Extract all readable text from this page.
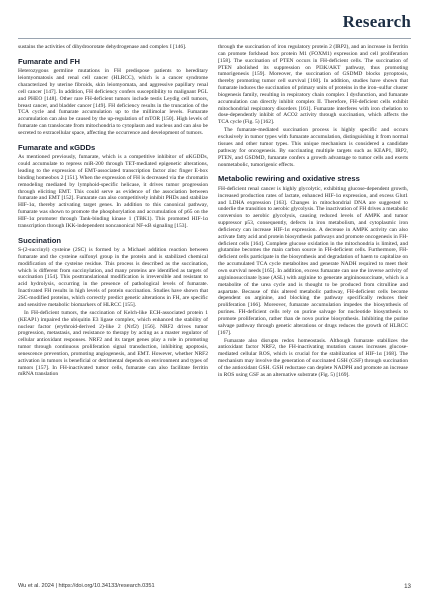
Research

sustains the activities of dihydroorotate dehydrogenase and complex I [146].

Fumarate and FH

Heterozygous germline mutations in FH predispose patients to hereditary leiomyomatosis and renal cell cancer (HLRCC), which is a cancer syndrome characterized by uterine fibroids, skin leiomyomata, and aggressive papillary renal cell cancer [147]. In addition, FH deficiency confers susceptibility to malignant PGL and PHEO [148]. Other rare FH-deficient tumors include testis Leydig cell tumors, breast cancer, and bladder cancer [149]. FH deficiency results in the truncation of the TCA cycle and fumarate accumulation up to the millimolar levels. Fumarate accumulation can also be caused by the up-regulation of mTOR [150]. High levels of fumarate can translocate from mitochondria to cytoplasm and nucleus and can also be secreted to extracellular space, affecting the occurrence and development of tumors.

Fumarate and κGDDs

As mentioned previously, fumarate, which is a competitive inhibitor of αKGDDs, could accumulate to repress miR-200 through TET-mediated epigenetic alterations, leading to the expression of EMT-associated transcription factor zinc finger E-box binding homeobox 2 [151]. When the expression of FH is decreased via the chromatin remodeling mediated by lymphoid-specific helicase, it drives tumor progression through eliciting EMT. This could serve as evidence of the association between fumarate and EMT [152]. Fumarate can also competitively inhibit PHDs and stabilize HIF-1α, thereby activating target genes. In addition to this canonical pathway, fumarate was shown to promote the phosphorylation and accumulation of p65 on the HIF-1α promoter through Tank-binding kinase 1 (TBK1). This promoted HIF-1α transcription through IKK-independent noncanonical NF-κB signaling [153].

Succination

S-(2-succinyl) cysteine (2SC) is formed by a Michael addition reaction between fumarate and the cysteine sulfonyl group in the protein and is stabilized chemical modification of the cysteine residue. This process is described as the succination, which is different from succinylation, and many proteins are identified as targets of succination [154]. This posttranslational modification is irreversible and resistant to acid hydrolysis, occurring in the presence of pathological levels of fumarate. Inactivated FH results in high levels of protein succination. Studies have shown that 2SC-modified proteins, which correctly predict genetic alterations in FH, are specific and sensitive metabolic biomarkers of HLRCC [155].

In FH-deficient tumors, the succination of Kelch-like ECH-associated protein 1 (KEAP1) impaired the ubiquitin E3 ligase complex, which enhanced the stability of nuclear factor (erythroid-derived 2)-like 2 (Nrf2) [156]. NRF2 drives tumor progression, metastasis, and resistance to therapy by acting as a master regulator of cellular antioxidant responses. NRF2 and its target genes play a role in promoting tumor through continuous proliferation signal transduction, inhibiting apoptosis, senescence prevention, promoting angiogenesis, and EMT. However, whether NRF2 activation in tumors is beneficial or detrimental depends on environment and types of tumors [157]. In FH-inactivated tumor cells, fumarate can also facilitate ferritin mRNA translation

through the succination of iron regulatory protein 2 (IRP2), and an increase in ferritin can promote forkhead box protein M1 (FOXM1) expression and cell proliferation [158]. The succination of PTEN occurs in FH-deficient cells. The succination of PTEN abolished its suppression on PI3K/AKT pathway, thus promoting tumorigenesis [159]. Moreover, the succination of GSDMD blocks pyroptosis, thereby promoting tumor cell survival [160]. In addition, studies have shown that fumarate induces the succination of primary units of proteins in the iron–sulfur cluster biogenesis family, resulting in respiratory chain complex I dysfunction, and fumarate accumulation can directly inhibit complex II. Therefore, FH-deficient cells exhibit mitochondrial respiratory disorders [161]. Fumarate interferes with iron chelation to dose-dependently inhibit of ACO2 activity through succination, which affects the TCA cycle (Fig. 5) [162].

The fumarate-mediated succination process is highly specific and occurs exclusively in tumor types with fumarate accumulation, distinguishing it from normal tissues and other tumor types. This unique mechanism is considered a candidate pathway for oncogenesis. By succinating multiple targets such as KEAP1, IRP2, PTEN, and GSDMD, fumarate confers a growth advantage to tumor cells and exerts nonmetabolic, tumorigenic effects.

Metabolic rewiring and oxidative stress

FH-deficient renal cancer is highly glycolytic, exhibiting glucose-dependent growth, increased production rates of lactate, enhanced HIF-1α expression, and excess Glut1 and LDHA expression [163]. Changes in mitochondrial DNA are suggested to underlie the transition to aerobic glycolysis. The inactivation of FH drives a metabolic conversion to aerobic glycolysis, causing reduced levels of AMPK and tumor suppressor p53, consequently, defects in iron metabolism, and cytoplasmic iron deficiency can increase HIF-1α expression. A decrease in AMPK activity can also activate fatty acid and protein biosynthesis pathways and promote oncogenesis in FH-deficient cells [164]. Complete glucose oxidation in the mitochondria is limited, and glutamine becomes the main carbon source in FH-deficient cells. Furthermore, FH-deficient cells participate in the biosynthesis and degradation of haem to capitalize on the accumulated TCA cycle metabolites and generate NADH required to meet their own survival needs [165]. In addition, excess fumarate can use the inverse activity of argininosuccinate lyase (ASL) with arginine to generate argininosuccinate, which is a metabolite of the urea cycle and is thought to be produced from citrulline and aspartate. Because of this altered metabolic pathway, FH-deficient cells become dependent on arginine, and blocking the pathway specifically reduces their proliferation [166]. Moreover, fumarate accumulation impedes the biosynthesis of purines. FH-deficient cells rely on purine salvage for nucleotide biosynthesis to promote proliferation, rather than de novo purine biosynthesis. Inhibiting the purine salvage pathway through genetic alterations or drugs reduces the growth of HLRCC [167].

Fumarate also disrupts redox homeostasis. Although fumarate stabilizes the antioxidant factor NRF2, the FH-inactivating mutation causes increases glucose-mediated cellular ROS, which is crucial for the stabilization of HIF-1α [168]. The mechanism may involve the generation of succinated GSH (GSF) through succination of the antioxidant GSH. GSH reductase can deplete NADPH and promote an increase in ROS using GSF as an alternative substrate (Fig. 5) [169].

Wu et al. 2024 | https://doi.org/10.34133/research.0351	13
